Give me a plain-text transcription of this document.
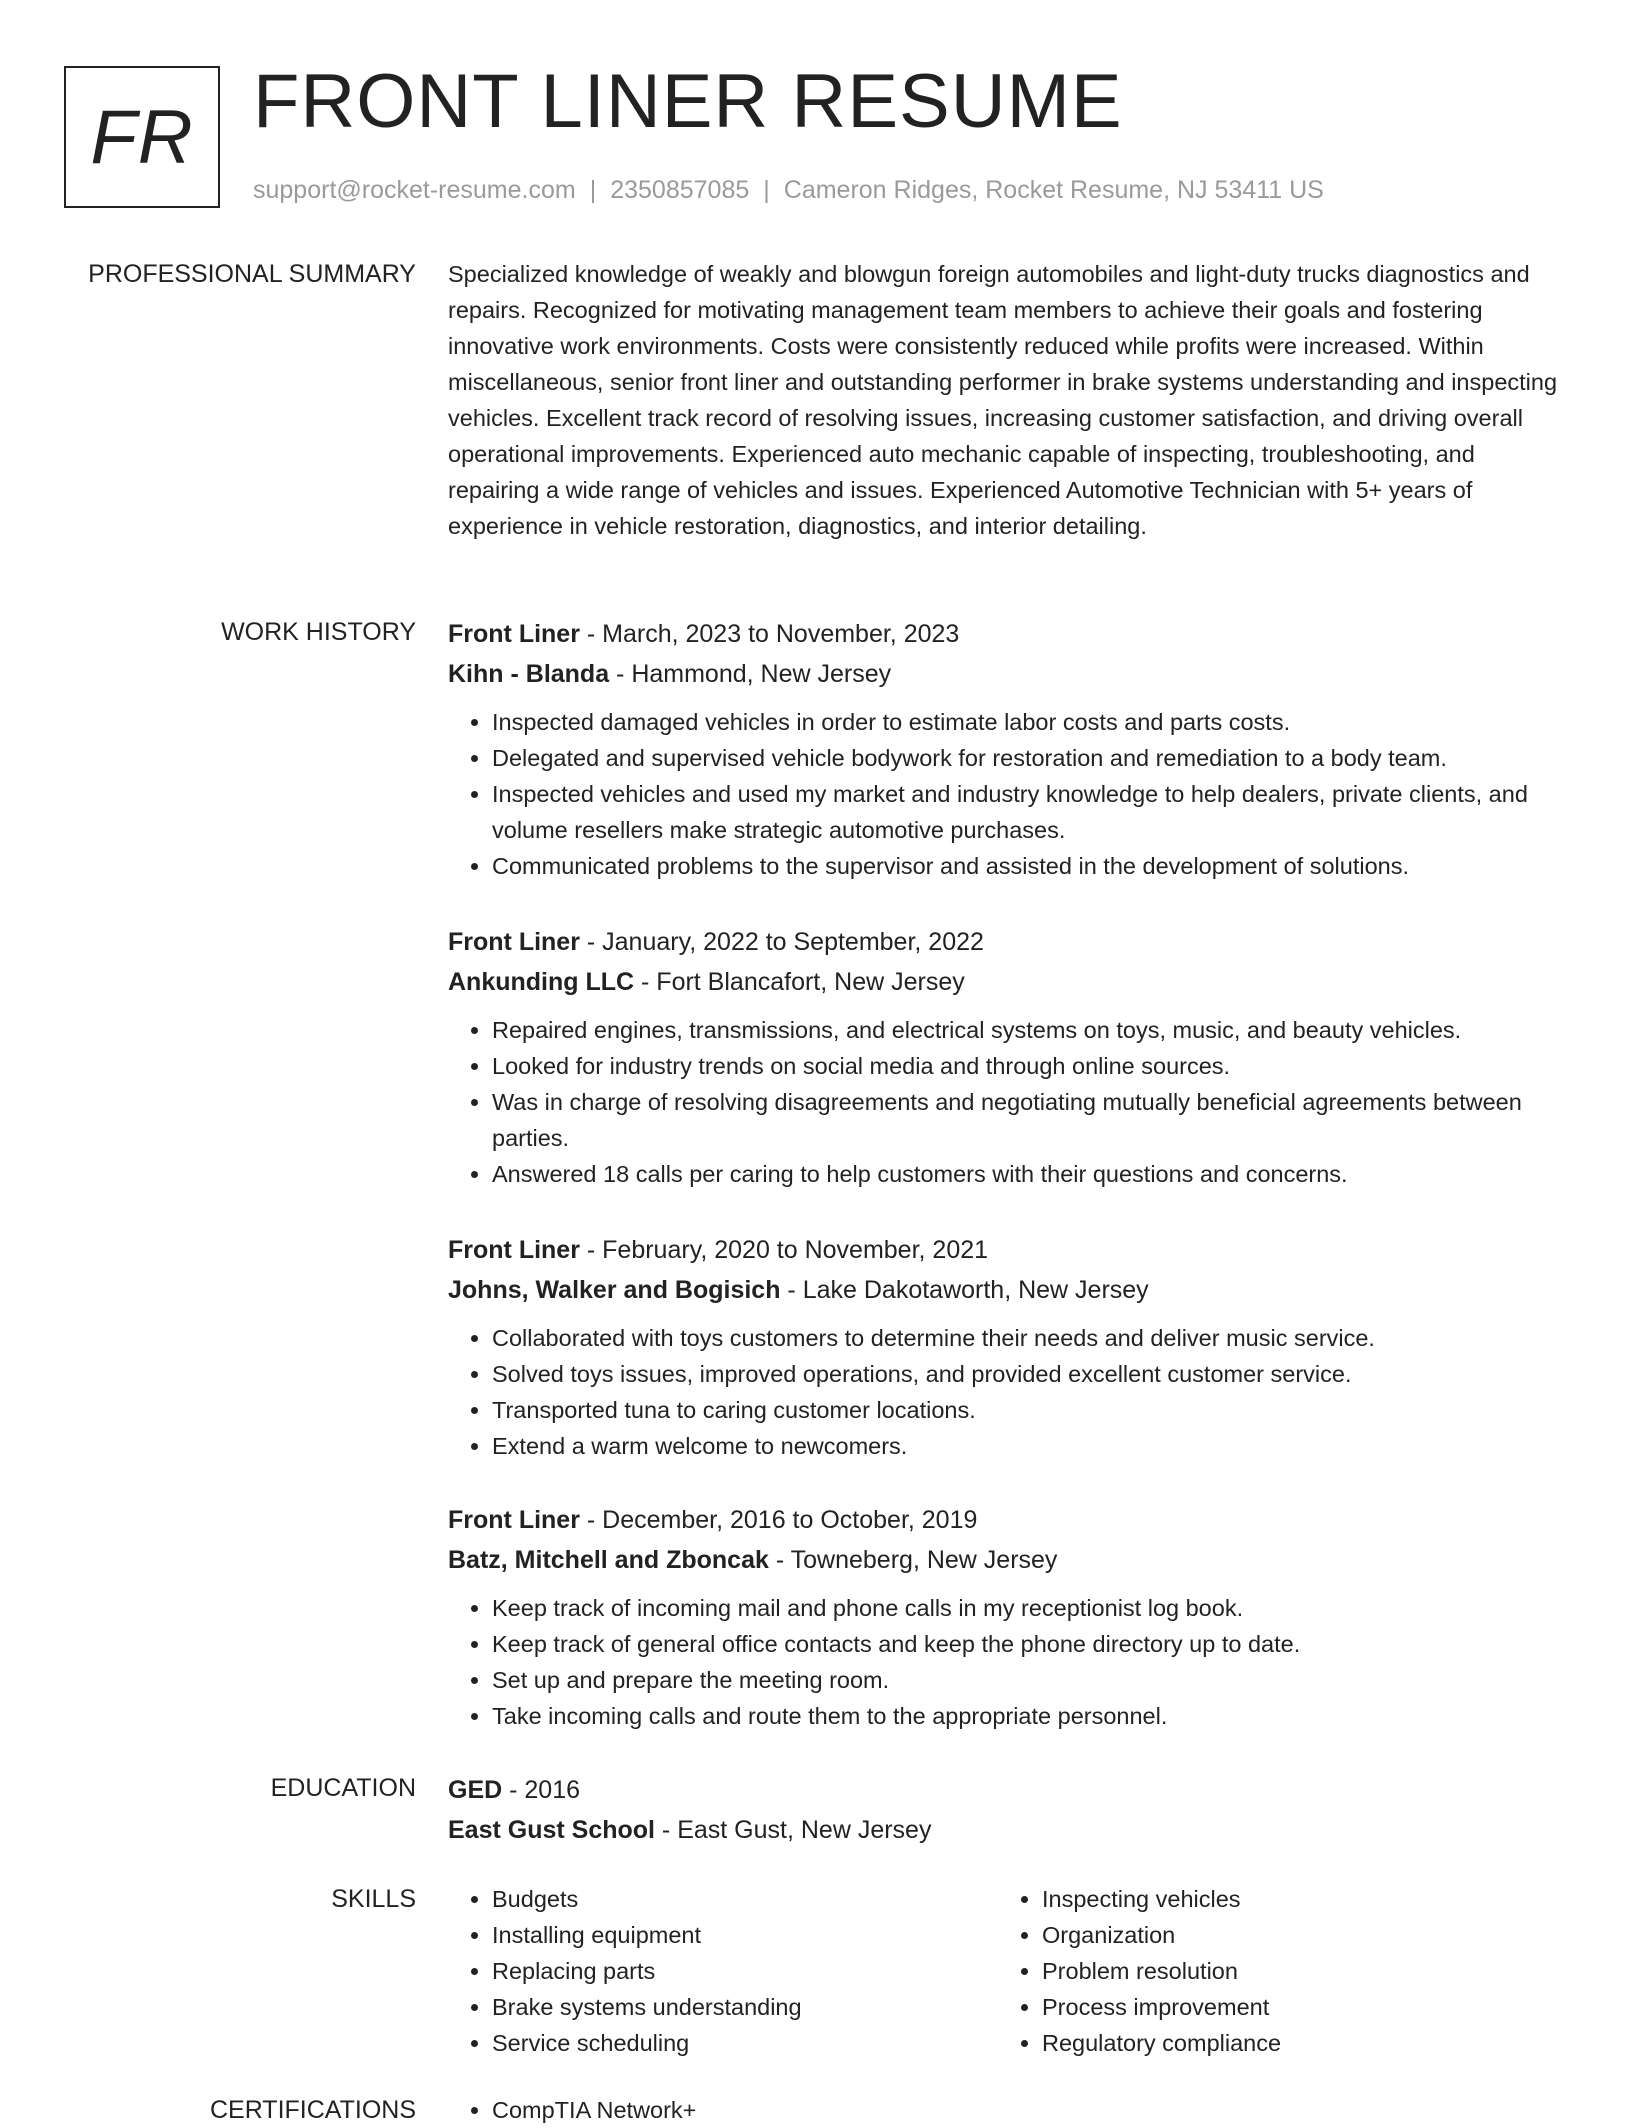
FR FRONT LINER RESUME
support@rocket-resume.com | 2350857085 | Cameron Ridges, Rocket Resume, NJ 53411 US
PROFESSIONAL SUMMARY Specialized knowledge of weakly and blowgun foreign automobiles and light-duty trucks diagnostics and repairs. Recognized for motivating management team members to achieve their goals and fostering innovative work environments. Costs were consistently reduced while profits were increased. Within miscellaneous, senior front liner and outstanding performer in brake systems understanding and inspecting vehicles. Excellent track record of resolving issues, increasing customer satisfaction, and driving overall operational improvements. Experienced auto mechanic capable of inspecting, troubleshooting, and repairing a wide range of vehicles and issues. Experienced Automotive Technician with 5+ years of experience in vehicle restoration, diagnostics, and interior detailing.

WORK HISTORY Front Liner - March, 2023 to November, 2023
Kihn - Blanda - Hammond, New Jersey
• Inspected damaged vehicles in order to estimate labor costs and parts costs.
• Delegated and supervised vehicle bodywork for restoration and remediation to a body team.
• Inspected vehicles and used my market and industry knowledge to help dealers, private clients, and volume resellers make strategic automotive purchases.
• Communicated problems to the supervisor and assisted in the development of solutions.
Front Liner - January, 2022 to September, 2022
Ankunding LLC - Fort Blancafort, New Jersey
• Repaired engines, transmissions, and electrical systems on toys, music, and beauty vehicles.
• Looked for industry trends on social media and through online sources.
• Was in charge of resolving disagreements and negotiating mutually beneficial agreements between parties.
• Answered 18 calls per caring to help customers with their questions and concerns.
Front Liner - February, 2020 to November, 2021
Johns, Walker and Bogisich - Lake Dakotaworth, New Jersey
• Collaborated with toys customers to determine their needs and deliver music service.
• Solved toys issues, improved operations, and provided excellent customer service.
• Transported tuna to caring customer locations.
• Extend a warm welcome to newcomers.
Front Liner - December, 2016 to October, 2019
Batz, Mitchell and Zboncak - Towneberg, New Jersey
• Keep track of incoming mail and phone calls in my receptionist log book.
• Keep track of general office contacts and keep the phone directory up to date.
• Set up and prepare the meeting room.
• Take incoming calls and route them to the appropriate personnel.
EDUCATION GED - 2016
East Gust School - East Gust, New Jersey
SKILLS	• Budgets
• Installing equipment
• Replacing parts
• Brake systems understanding
• Service scheduling
• Inspecting vehicles
• Organization
• Problem resolution
• Process improvement
• Regulatory compliance
CERTIFICATIONS	• CompTIA Network+
